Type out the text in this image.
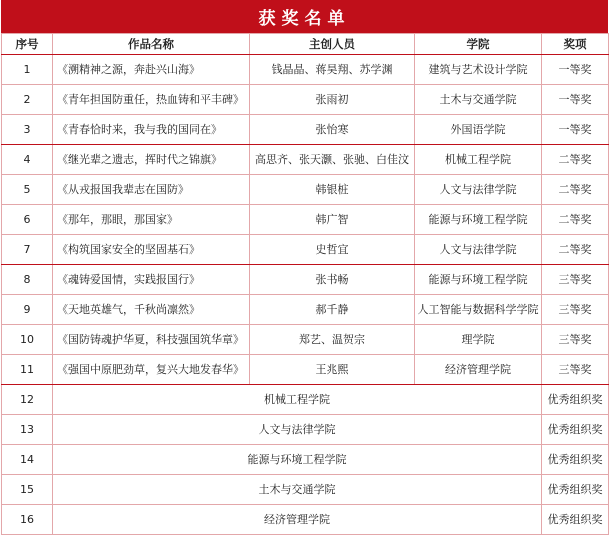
获奖名单
序号	作品名称	主创人员	学院	奖项
1	《溯精神之源，奔赴兴山海》	钱晶晶、蒋昊翔、苏学渊	建筑与艺术设计学院	一等奖
2	《青年担国防重任，热血铸和平丰碑》	张雨初	土木与交通学院	一等奖
3	《青春恰时来，我与我的国同在》	张怡寒	外国语学院	一等奖
4	《继光辈之遗志，挥时代之锦旗》	高思齐、张天灏、张驰、白佳汶	机械工程学院	二等奖
5	《从戎报国我辈志在国防》	韩银桩	人文与法律学院	二等奖
6	《那年，那眼，那国家》	韩广智	能源与环境工程学院	二等奖
7	《构筑国家安全的坚固基石》	史哲宜	人文与法律学院	二等奖
8	《魂铸爱国情，实践报国行》	张书畅	能源与环境工程学院	三等奖
9	《天地英雄气，千秋尚凛然》	郝千静	人工智能与数据科学学院	三等奖
10	《国防铸魂护华夏，科技强国筑华章》	郑艺、温贺宗	理学院	三等奖
11	《强国中原肥劲草，复兴大地发春华》	王兆熙	经济管理学院	三等奖
12	机械工程学院			优秀组织奖
13	人文与法律学院			优秀组织奖
14	能源与环境工程学院			优秀组织奖
15	土木与交通学院			优秀组织奖
16	经济管理学院			优秀组织奖
